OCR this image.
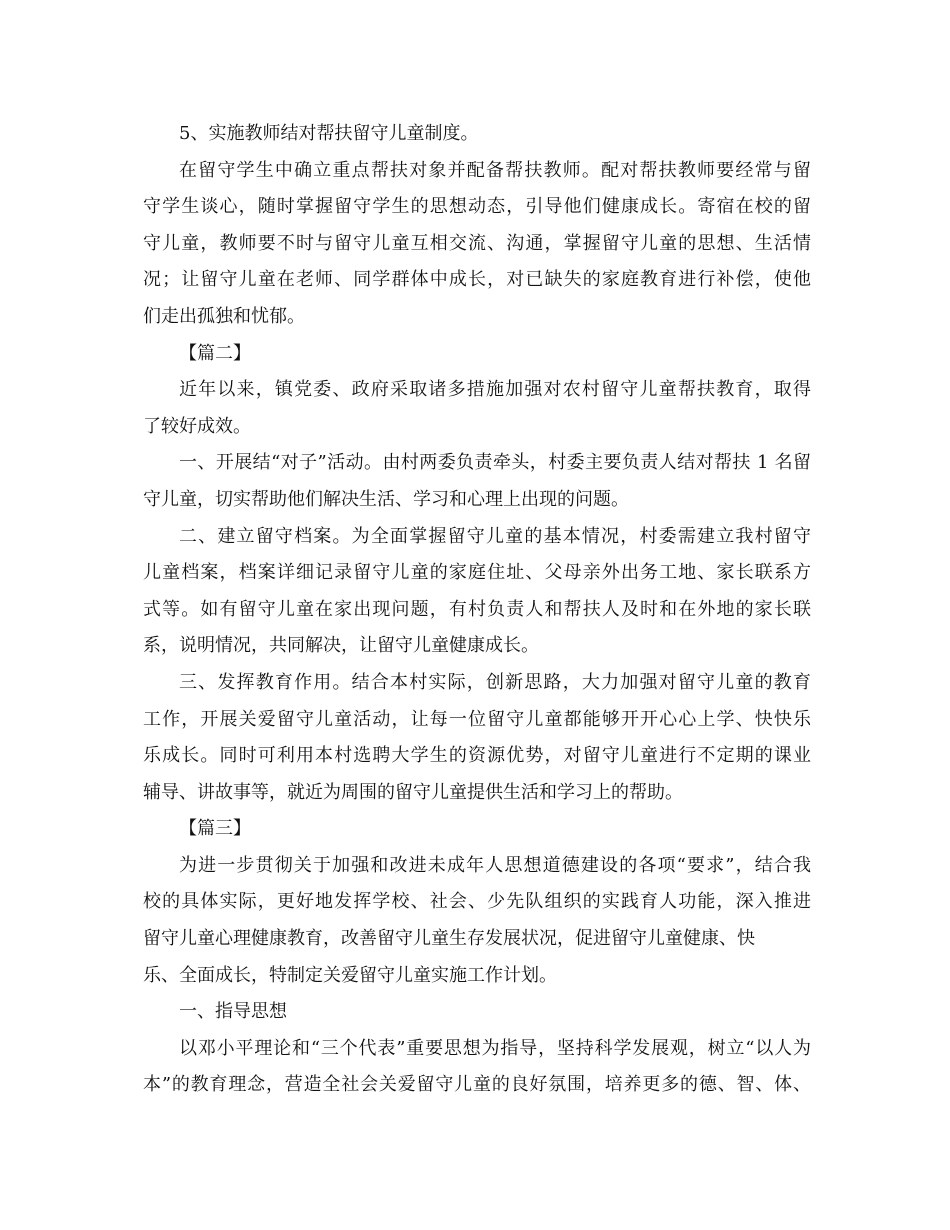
5、实施教师结对帮扶留守儿童制度。

在留守学生中确立重点帮扶对象并配备帮扶教师。配对帮扶教师要经常与留
守学生谈心，随时掌握留守学生的思想动态，引导他们健康成长。寄宿在校的留
守儿童，教师要不时与留守儿童互相交流、沟通，掌握留守儿童的思想、生活情
况；让留守儿童在老师、同学群体中成长，对已缺失的家庭教育进行补偿，使他
们走出孤独和忧郁。

【篇二】

近年以来，镇党委、政府采取诸多措施加强对农村留守儿童帮扶教育，取得
了较好成效。

一、开展结“对子”活动。由村两委负责牵头，村委主要负责人结对帮扶 1 名留
守儿童，切实帮助他们解决生活、学习和心理上出现的问题。

二、建立留守档案。为全面掌握留守儿童的基本情况，村委需建立我村留守
儿童档案，档案详细记录留守儿童的家庭住址、父母亲外出务工地、家长联系方
式等。如有留守儿童在家出现问题，有村负责人和帮扶人及时和在外地的家长联
系，说明情况，共同解决，让留守儿童健康成长。

三、发挥教育作用。结合本村实际，创新思路，大力加强对留守儿童的教育
工作，开展关爱留守儿童活动，让每一位留守儿童都能够开开心心上学、快快乐
乐成长。同时可利用本村选聘大学生的资源优势，对留守儿童进行不定期的课业
辅导、讲故事等，就近为周围的留守儿童提供生活和学习上的帮助。

【篇三】

为进一步贯彻关于加强和改进未成年人思想道德建设的各项“要求”，结合我
校的具体实际，更好地发挥学校、社会、少先队组织的实践育人功能，深入推进
留守儿童心理健康教育，改善留守儿童生存发展状况，促进留守儿童健康、快
乐、全面成长，特制定关爱留守儿童实施工作计划。

一、指导思想

以邓小平理论和“三个代表”重要思想为指导，坚持科学发展观，树立“以人为
本”的教育理念，营造全社会关爱留守儿童的良好氛围，培养更多的德、智、体、
